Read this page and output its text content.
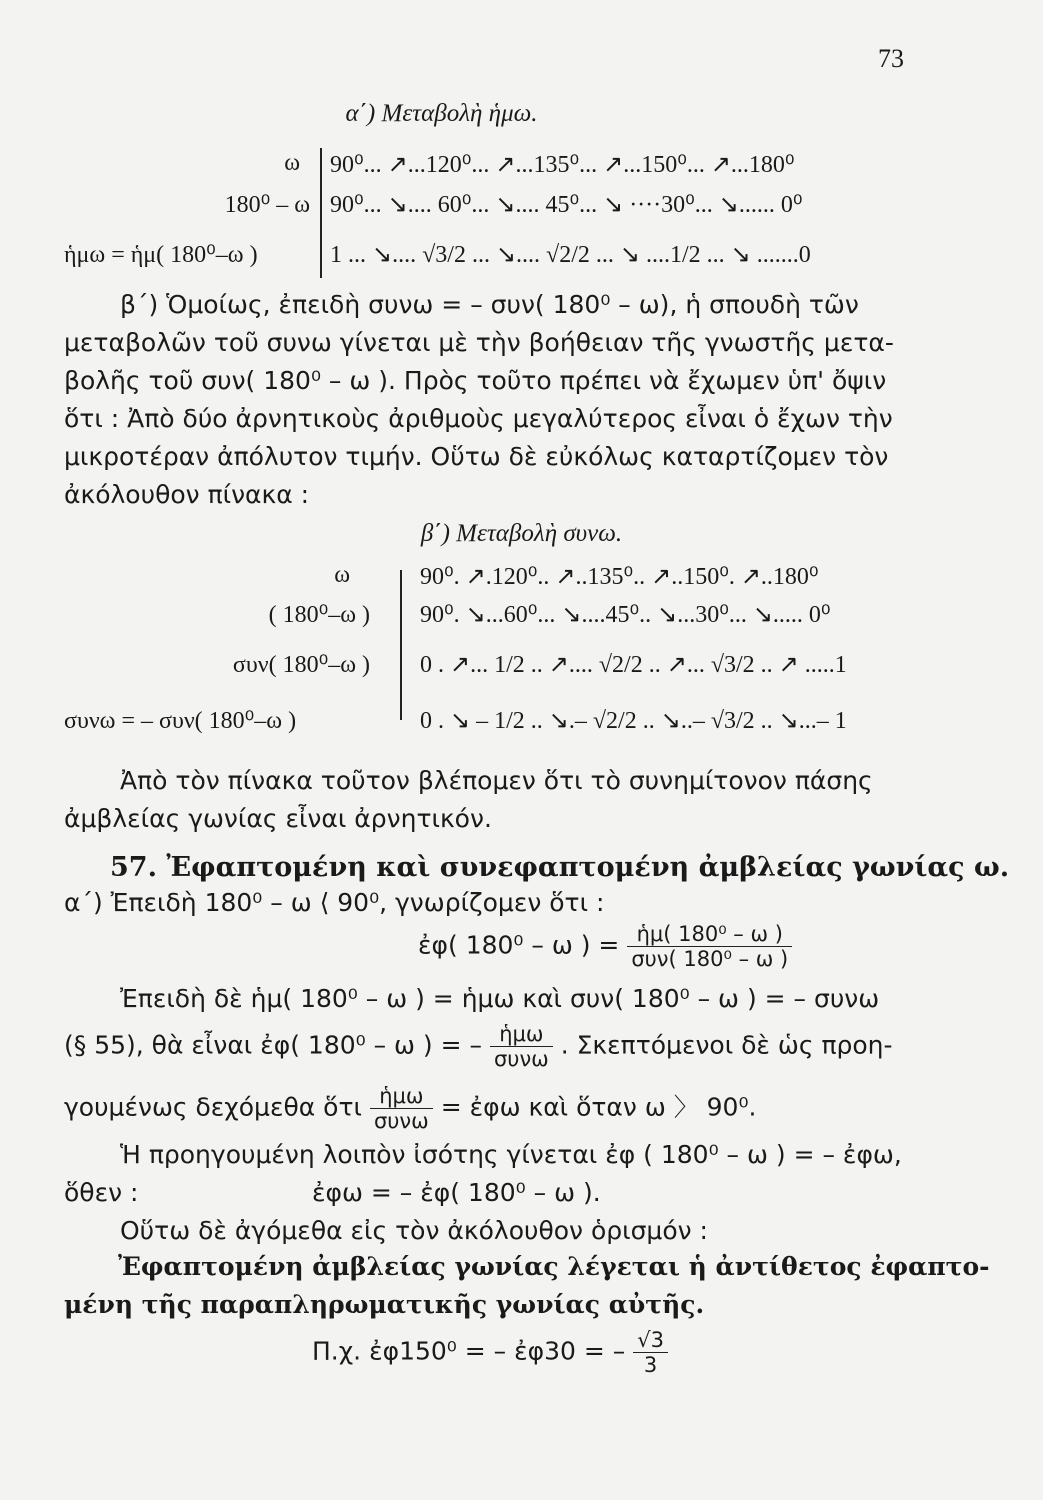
73
α΄) Μεταβολὴ ἡμω.
ω 90⁰... ↗...120⁰... ↗...135⁰... ↗...150⁰... ↗...180⁰
180⁰ – ω 90⁰... ↘.... 60⁰... ↘.... 45⁰... ↘ ····30⁰... ↘...... 0⁰
ἡμω = ἡμ( 180⁰–ω )	1 ... ↘.... √3/2 ... ↘.... √2/2 ... ↘ ....1/2 ... ↘ .......0
β΄) Ὁμοίως, ἐπειδὴ συνω = – συν( 180⁰ – ω), ἡ σπουδὴ τῶν
μεταβολῶν τοῦ συνω γίνεται μὲ τὴν βοήθειαν τῆς γνωστῆς μετα-
βολῆς τοῦ συν( 180⁰ – ω ). Πρὸς τοῦτο πρέπει νὰ ἔχωμεν ὑπ' ὄψιν
ὅτι : Ἀπὸ δύο ἀρνητικοὺς ἀριθμοὺς μεγαλύτερος εἶναι ὁ ἔχων τὴν
μικροτέραν ἀπόλυτον τιμήν. Οὕτω δὲ εὐκόλως καταρτίζομεν τὸν
ἀκόλουθον πίνακα :
β΄) Μεταβολὴ συνω.
ω	90⁰. ↗.120⁰.. ↗..135⁰.. ↗..150⁰. ↗..180⁰
( 180⁰–ω ) 90⁰. ↘...60⁰... ↘....45⁰.. ↘...30⁰... ↘..... 0⁰
συν( 180⁰–ω ) 0 . ↗... 1/2 .. ↗.... √2/2 .. ↗... √3/2 .. ↗ .....1
συνω = – συν( 180⁰–ω )	0 . ↘ – 1/2 .. ↘.– √2/2 .. ↘..– √3/2 .. ↘...– 1
Ἀπὸ τὸν πίνακα τοῦτον βλέπομεν ὅτι τὸ συνημίτονον πάσης
ἀμβλείας γωνίας εἶναι ἀρνητικόν.
57. Ἐφαπτομένη καὶ συνεφαπτομένη ἀμβλείας γωνίας ω.
α΄) Ἐπειδὴ 180⁰ – ω ⟨ 90⁰, γνωρίζομεν ὅτι :
ἐφ( 180⁰ – ω ) = $\frac{\text{ἡμ( 180⁰ – ω )}}{\text{συν( 180⁰ – ω )}}$
Ἐπειδὴ δὲ ἡμ( 180⁰ – ω ) = ἡμω καὶ συν( 180⁰ – ω ) = – συνω
(§ 55), θὰ εἶναι ἐφ( 180⁰ – ω ) = – $\frac{\text{ἡμω}}{\text{συνω}}$ . Σκεπτόμενοι δὲ ὡς προη-
γουμένως δεχόμεθα ὅτι $\frac{\text{ἡμω}}{\text{συνω}}$ = ἐφω καὶ ὅταν ω 〉 90⁰.
Ἡ προηγουμένη λοιπὸν ἰσότης γίνεται ἐφ ( 180⁰ – ω ) = – ἐφω,
ὅθεν :	ἐφω = – ἐφ( 180⁰ – ω ).
Οὕτω δὲ ἀγόμεθα εἰς τὸν ἀκόλουθον ὁρισμόν :
Ἐφαπτομένη ἀμβλείας γωνίας λέγεται ἡ ἀντίθετος ἐφαπτο-
μένη τῆς παραπληρωματικῆς γωνίας αὐτῆς.
Π.χ. ἐφ150⁰ = – ἐφ30 = – $\frac{√3}{3}$
